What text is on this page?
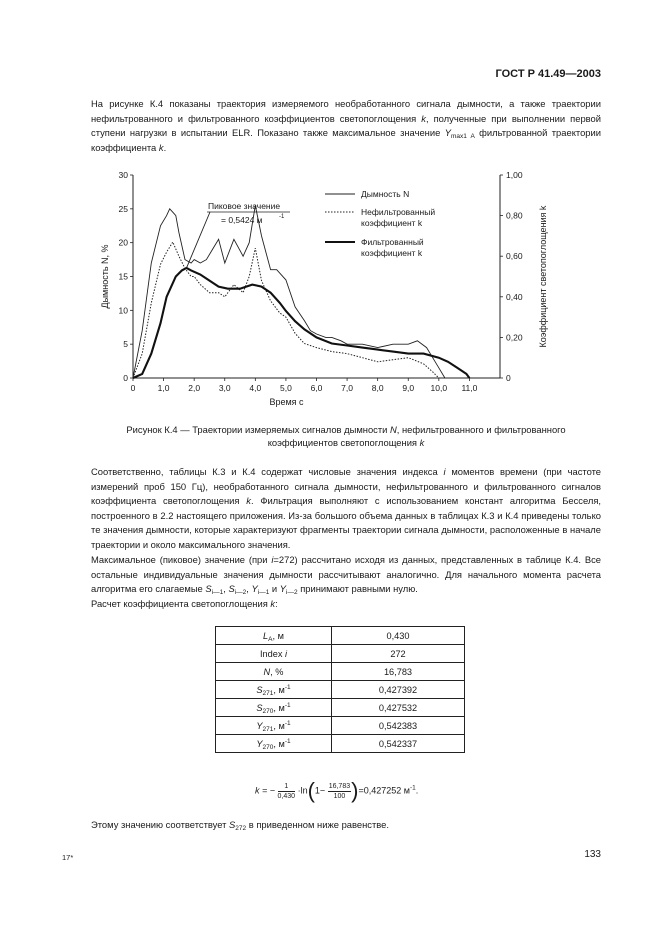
ГОСТ Р 41.49—2003

На рисунке К.4 показаны траектория измеряемого необработанного сигнала дымности, а также траектории нефильтрованного и фильтрованного коэффициентов светопоглощения k, полученные при выполнении первой ступени нагрузки в испытании ELR. Показано также максимальное значение $Y_{max1 A}$ фильтрованной траектории коэффициента k.

0	1,0 2,0 3,0 4,0 5,0 6,0 7,0 8,0 9,0 10,0 11,0
0
5
10
15
20
25
30
0
0,20
0,40
0,60
0,80
1,00
Время с
Дымность N, %	Коэффициент светопоглощения k
Дымность N
Нефильтрованный
коэффициент k
Фильтрованный
коэффициент k
Пиковое значение
= 0,5424 м	-1
Рисунок К.4 — Траектории измеряемых сигналов дымности N, нефильтрованного и фильтрованного
коэффициентов светопоглощения k

Соответственно, таблицы К.3 и К.4 содержат числовые значения индекса i моментов времени (при частоте измерений проб 150 Гц), необработанного сигнала дымности, нефильтрованного и фильтрованного сигналов коэффициента светопоглощения k. Фильтрация выполняют с использованием констант алгоритма Бесселя, построенного в 2.2 настоящего приложения. Из-за большого объема данных в таблицах К.3 и К.4 приведены только те значения дымности, которые характеризуют фрагменты траектории сигнала дымности, расположенные в начале траектории и около максимального значения.

Максимальное (пиковое) значение (при i=272) рассчитано исходя из данных, представленных в таблице К.4. Все остальные индивидуальные значения дымности рассчитывают аналогично. Для начального момента расчета алгоритма его слагаемые $S_{i—1}$, $S_{i—2}$, $Y_{i—1}$ и $Y_{i—2}$ принимают равными нулю.

Расчет коэффициента светопоглощения k:

$L_A$, м	0,430
Index i	272
N, %	16,783
$S_{271}$, $м^{-1}$	0,427392
$S_{270}$, $м^{-1}$	0,427532
$Y_{271}$, $м^{-1}$	0,542383
$Y_{270}$, $м^{-1}$	0,542337
k = − $\frac{1}{0,430} \cdot\ln(1- \frac{16,783}{100} )=0,427252$ $м^{-1}$.

Этому значению соответствует $S_{272}$ в приведенном ниже равенстве.

17*	133
